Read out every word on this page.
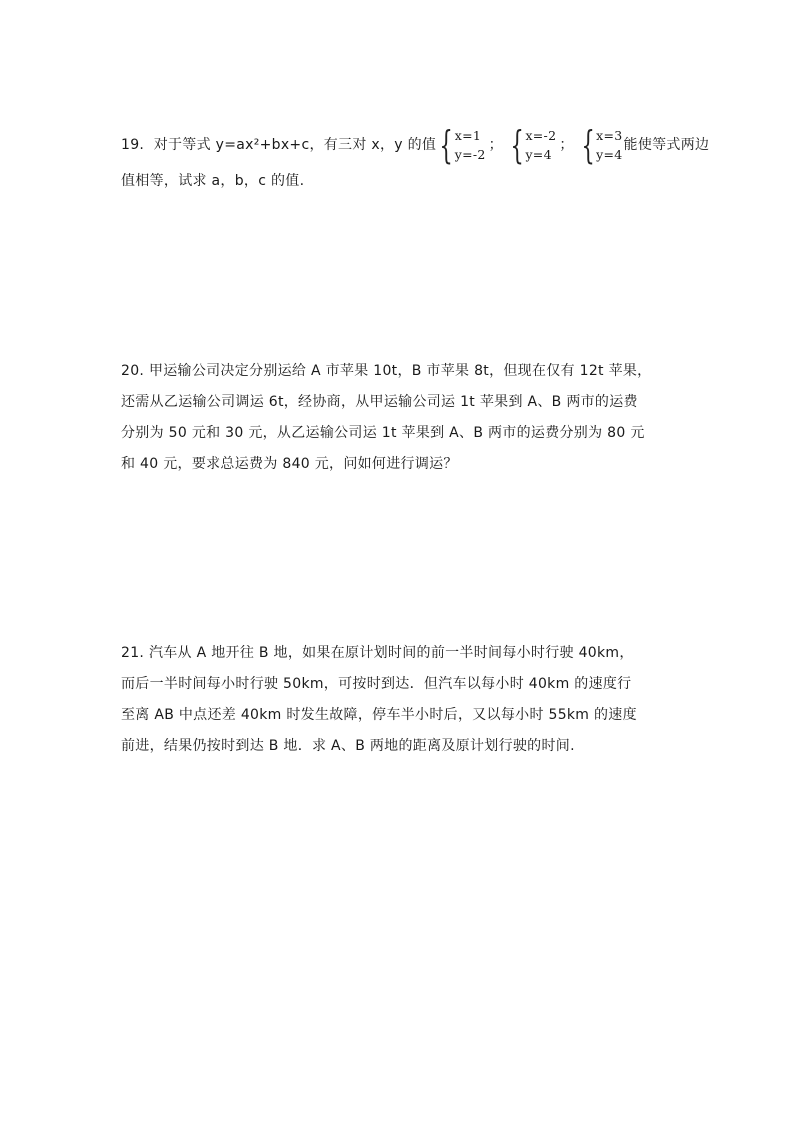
19. 对于等式 y=ax²+bx+c，有三对 x，y 的值 { x=1
y=-2
； { x=-2
y=4
； { x=3
y=4
能使等式两边
值相等，试求 a，b，c 的值.
20. 甲运输公司决定分别运给 A 市苹果 10t，B 市苹果 8t，但现在仅有 12t 苹果，
还需从乙运输公司调运 6t，经协商，从甲运输公司运 1t 苹果到 A、B 两市的运费
分别为 50 元和 30 元，从乙运输公司运 1t 苹果到 A、B 两市的运费分别为 80 元
和 40 元，要求总运费为 840 元，问如何进行调运？
21. 汽车从 A 地开往 B 地，如果在原计划时间的前一半时间每小时行驶 40km，
而后一半时间每小时行驶 50km，可按时到达．但汽车以每小时 40km 的速度行
至离 AB 中点还差 40km 时发生故障，停车半小时后，又以每小时 55km 的速度
前进，结果仍按时到达 B 地．求 A、B 两地的距离及原计划行驶的时间.
